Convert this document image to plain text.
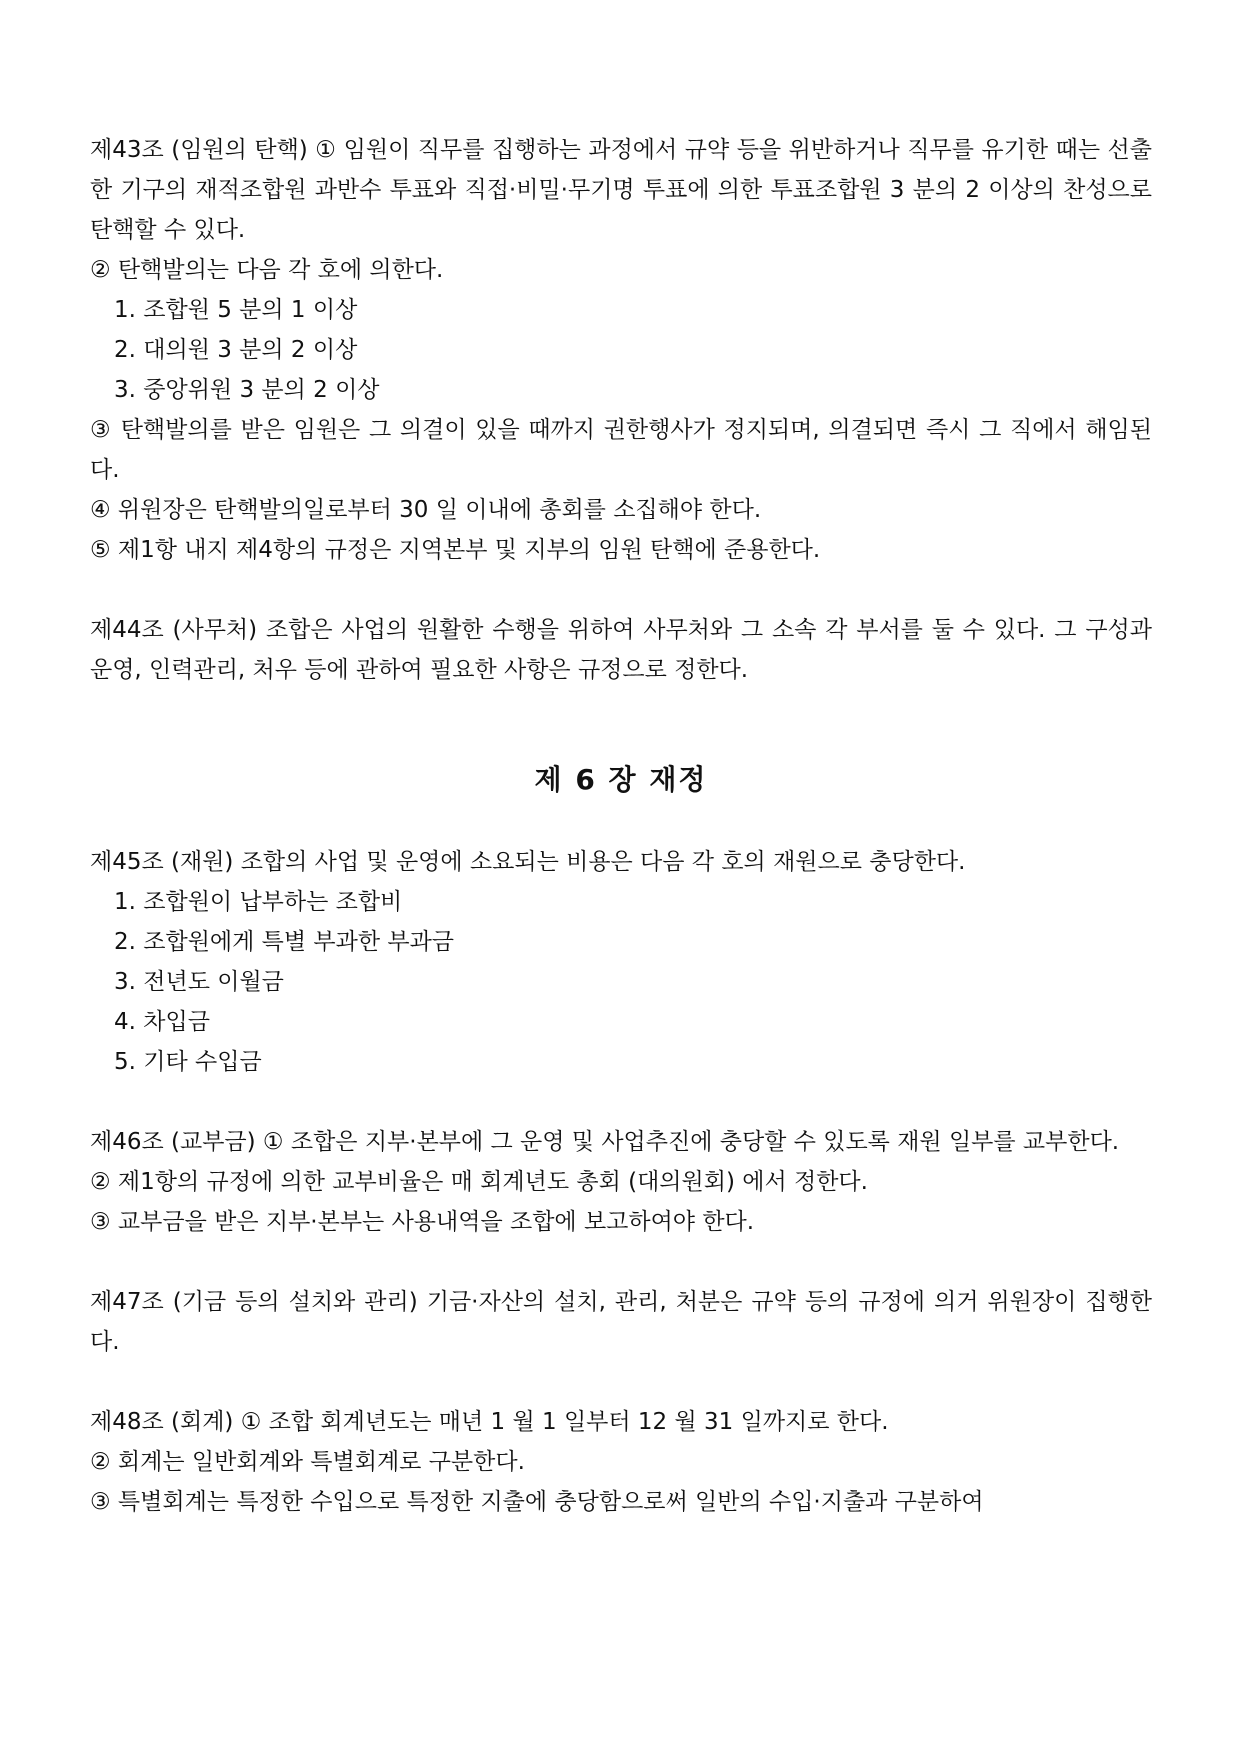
제43조 (임원의 탄핵) ① 임원이 직무를 집행하는 과정에서 규약 등을 위반하거나 직무를 유기한 때는 선출한 기구의 재적조합원 과반수 투표와 직접·비밀·무기명 투표에 의한 투표조합원 3 분의 2 이상의 찬성으로 탄핵할 수 있다.

② 탄핵발의는 다음 각 호에 의한다.

1. 조합원 5 분의 1 이상

2. 대의원 3 분의 2 이상

3. 중앙위원 3 분의 2 이상

③ 탄핵발의를 받은 임원은 그 의결이 있을 때까지 권한행사가 정지되며, 의결되면 즉시 그 직에서 해임된다.

④ 위원장은 탄핵발의일로부터 30 일 이내에 총회를 소집해야 한다.

⑤ 제1항 내지 제4항의 규정은 지역본부 및 지부의 임원 탄핵에 준용한다.

제44조 (사무처) 조합은 사업의 원활한 수행을 위하여 사무처와 그 소속 각 부서를 둘 수 있다. 그 구성과 운영, 인력관리, 처우 등에 관하여 필요한 사항은 규정으로 정한다.

제 6 장 재정

제45조 (재원) 조합의 사업 및 운영에 소요되는 비용은 다음 각 호의 재원으로 충당한다.

1. 조합원이 납부하는 조합비

2. 조합원에게 특별 부과한 부과금

3. 전년도 이월금

4. 차입금

5. 기타 수입금

제46조 (교부금) ① 조합은 지부·본부에 그 운영 및 사업추진에 충당할 수 있도록 재원 일부를 교부한다.

② 제1항의 규정에 의한 교부비율은 매 회계년도 총회 (대의원회) 에서 정한다.

③ 교부금을 받은 지부·본부는 사용내역을 조합에 보고하여야 한다.

제47조 (기금 등의 설치와 관리) 기금·자산의 설치, 관리, 처분은 규약 등의 규정에 의거 위원장이 집행한다.

제48조 (회계) ① 조합 회계년도는 매년 1 월 1 일부터 12 월 31 일까지로 한다.

② 회계는 일반회계와 특별회계로 구분한다.

③ 특별회계는 특정한 수입으로 특정한 지출에 충당함으로써 일반의 수입·지출과 구분하여
